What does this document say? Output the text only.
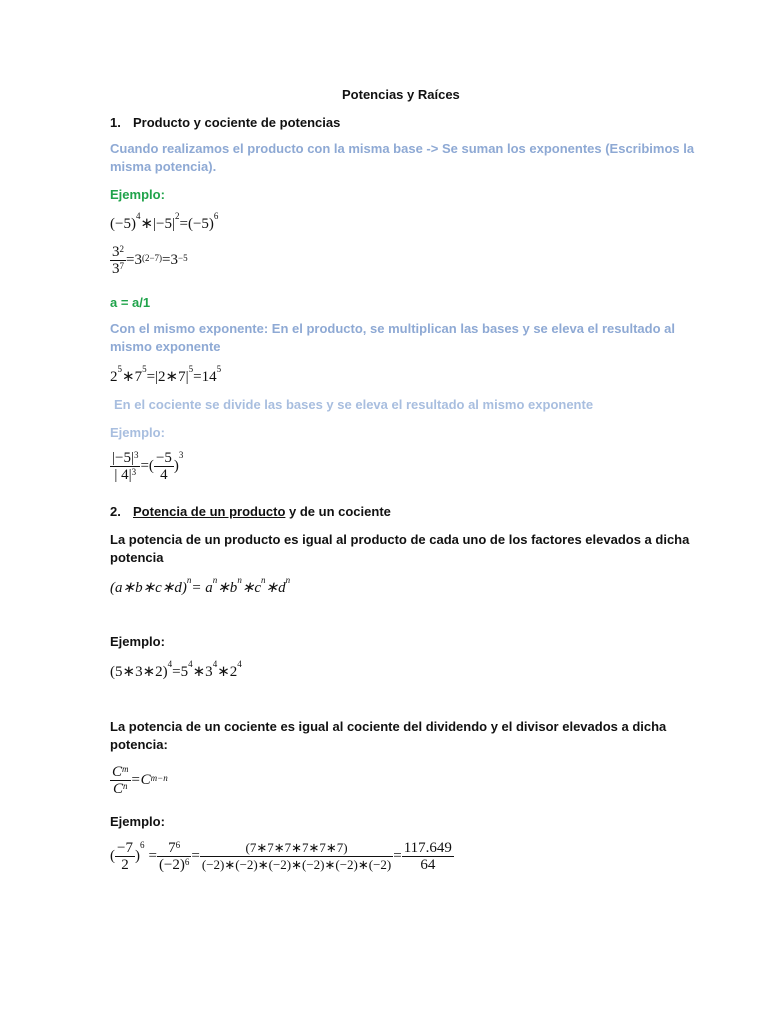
Potencias y Raíces
1. Producto y cociente de potencias
Cuando realizamos el producto con la misma base -> Se suman los exponentes (Escribimos la
misma potencia).
Ejemplo:
$(-5)^4∗|-5|^2=(-5)^6$
$\frac{3^2}{3^7} =3^{(2-7)} =3^{-5}$
a = a/1
Con el mismo exponente: En el producto, se multiplican las bases y se eleva el resultado al
mismo exponente
$2^5∗7^5=|2∗7|^5=14^5$
En el cociente se divide las bases y se eleva el resultado al mismo exponente
Ejemplo:
$\frac{|-5|^3}{| 4|^3}$ =( $\frac{-5}{4}$ )
$^3$
2. Potencia de un producto y de un cociente
La potencia de un producto es igual al producto de cada uno de los factores elevados a dicha
potencia
(a∗b∗c∗d)$^n$= $a^n∗b^n∗c^n∗d^n$
Ejemplo:
$(5∗3∗2)^4=5^4∗3^4∗2^4$
La potencia de un cociente es igual al cociente del dividendo y el divisor elevados a dicha
potencia:
$\frac{C^m}{C^n} =C$ $^{m-n}$
Ejemplo:
( $\frac{-7}{2}$ )
$^6$
= $\frac{7^6}{(-2)^6} = \frac{(7∗7∗7∗7∗7∗7)}{(-2)∗(-2)∗(-2)∗(-2)∗(-2)∗(-2)} = \frac{117.649}{64}$
